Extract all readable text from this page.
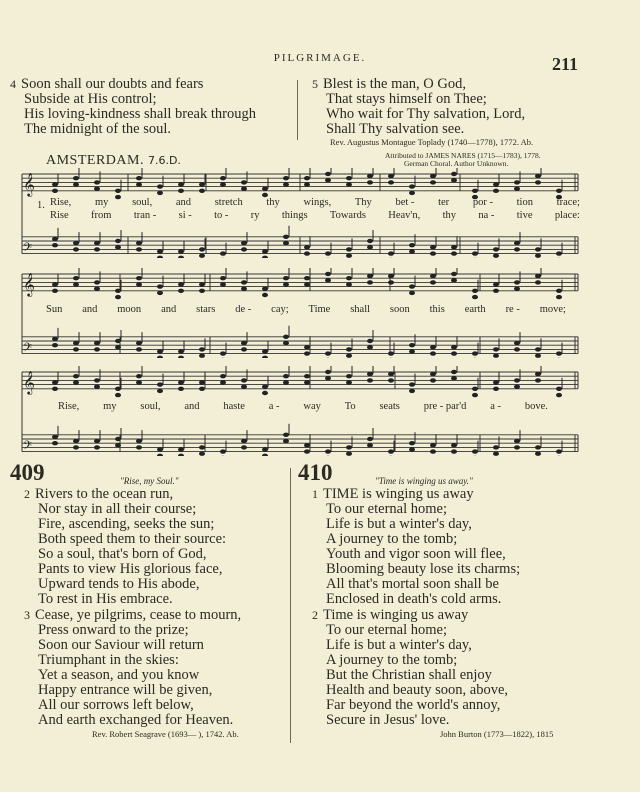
PILGRIMAGE.	211
4 Soon shall our doubts and fears
Subside at His control;
His loving-kindness shall break through
The midnight of the soul.
5 Blest is the man, O God,
That stays himself on Thee;
Who wait for Thy salvation, Lord,
Shall Thy salvation see.
Rev. Augustus Montague Toplady (1740—1778), 1772. Ab.
AMSTERDAM. 7.6.D.	Attributed to JAMES NARES (1715—1783), 1778.
German Choral. Author Unknown.
𝄞
𝄢
1. Rise, my soul, and stretch thy wings, Thy bet - ter por - tion trace;
Rise from tran - si - to - ry things Towards Heav'n, thy na - tive place:
𝄞
𝄢
Sun and moon and stars de - cay; Time shall soon this earth re - move;
𝄞
𝄢
Rise, my soul, and haste a - way To seats pre - par'd a - bove.
409	"Rise, my Soul."
2 Rivers to the ocean run,
Nor stay in all their course;
Fire, ascending, seeks the sun;
Both speed them to their source:
So a soul, that's born of God,
Pants to view His glorious face,
Upward tends to His abode,
To rest in His embrace.
3 Cease, ye pilgrims, cease to mourn,
Press onward to the prize;
Soon our Saviour will return
Triumphant in the skies:
Yet a season, and you know
Happy entrance will be given,
All our sorrows left below,
And earth exchanged for Heaven.
Rev. Robert Seagrave (1693— ), 1742. Ab.
410	"Time is winging us away."
1 TIME is winging us away
To our eternal home;
Life is but a winter's day,
A journey to the tomb;
Youth and vigor soon will flee,
Blooming beauty lose its charms;
All that's mortal soon shall be
Enclosed in death's cold arms.
2 Time is winging us away
To our eternal home;
Life is but a winter's day,
A journey to the tomb;
But the Christian shall enjoy
Health and beauty soon, above,
Far beyond the world's annoy,
Secure in Jesus' love.
John Burton (1773—1822), 1815
